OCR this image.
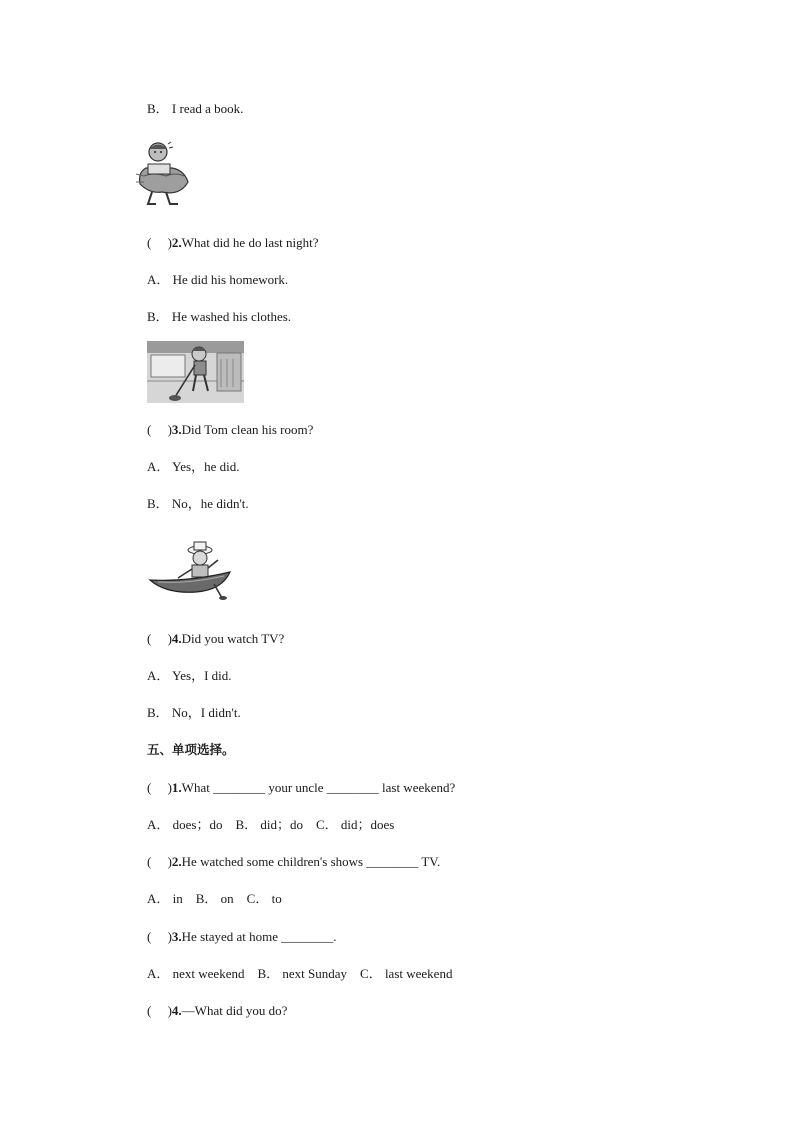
B． I read a book.
(　 )2.What did he do last night?
A． He did his homework.
B． He washed his clothes.
(　 )3.Did Tom clean his room?
A． Yes，he did.
B． No，he didn't.
(　 )4.Did you watch TV?
A． Yes，I did.
B． No，I didn't.
五、单项选择。
(　 )1.What ________ your uncle ________ last weekend?
A． does；do　B． did；do　C． did；does
(　 )2.He watched some children's shows ________ TV.
A． in　B． on　C． to
(　 )3.He stayed at home ________.
A． next weekend　B． next Sunday　C． last weekend
(　 )4.—What did you do?
